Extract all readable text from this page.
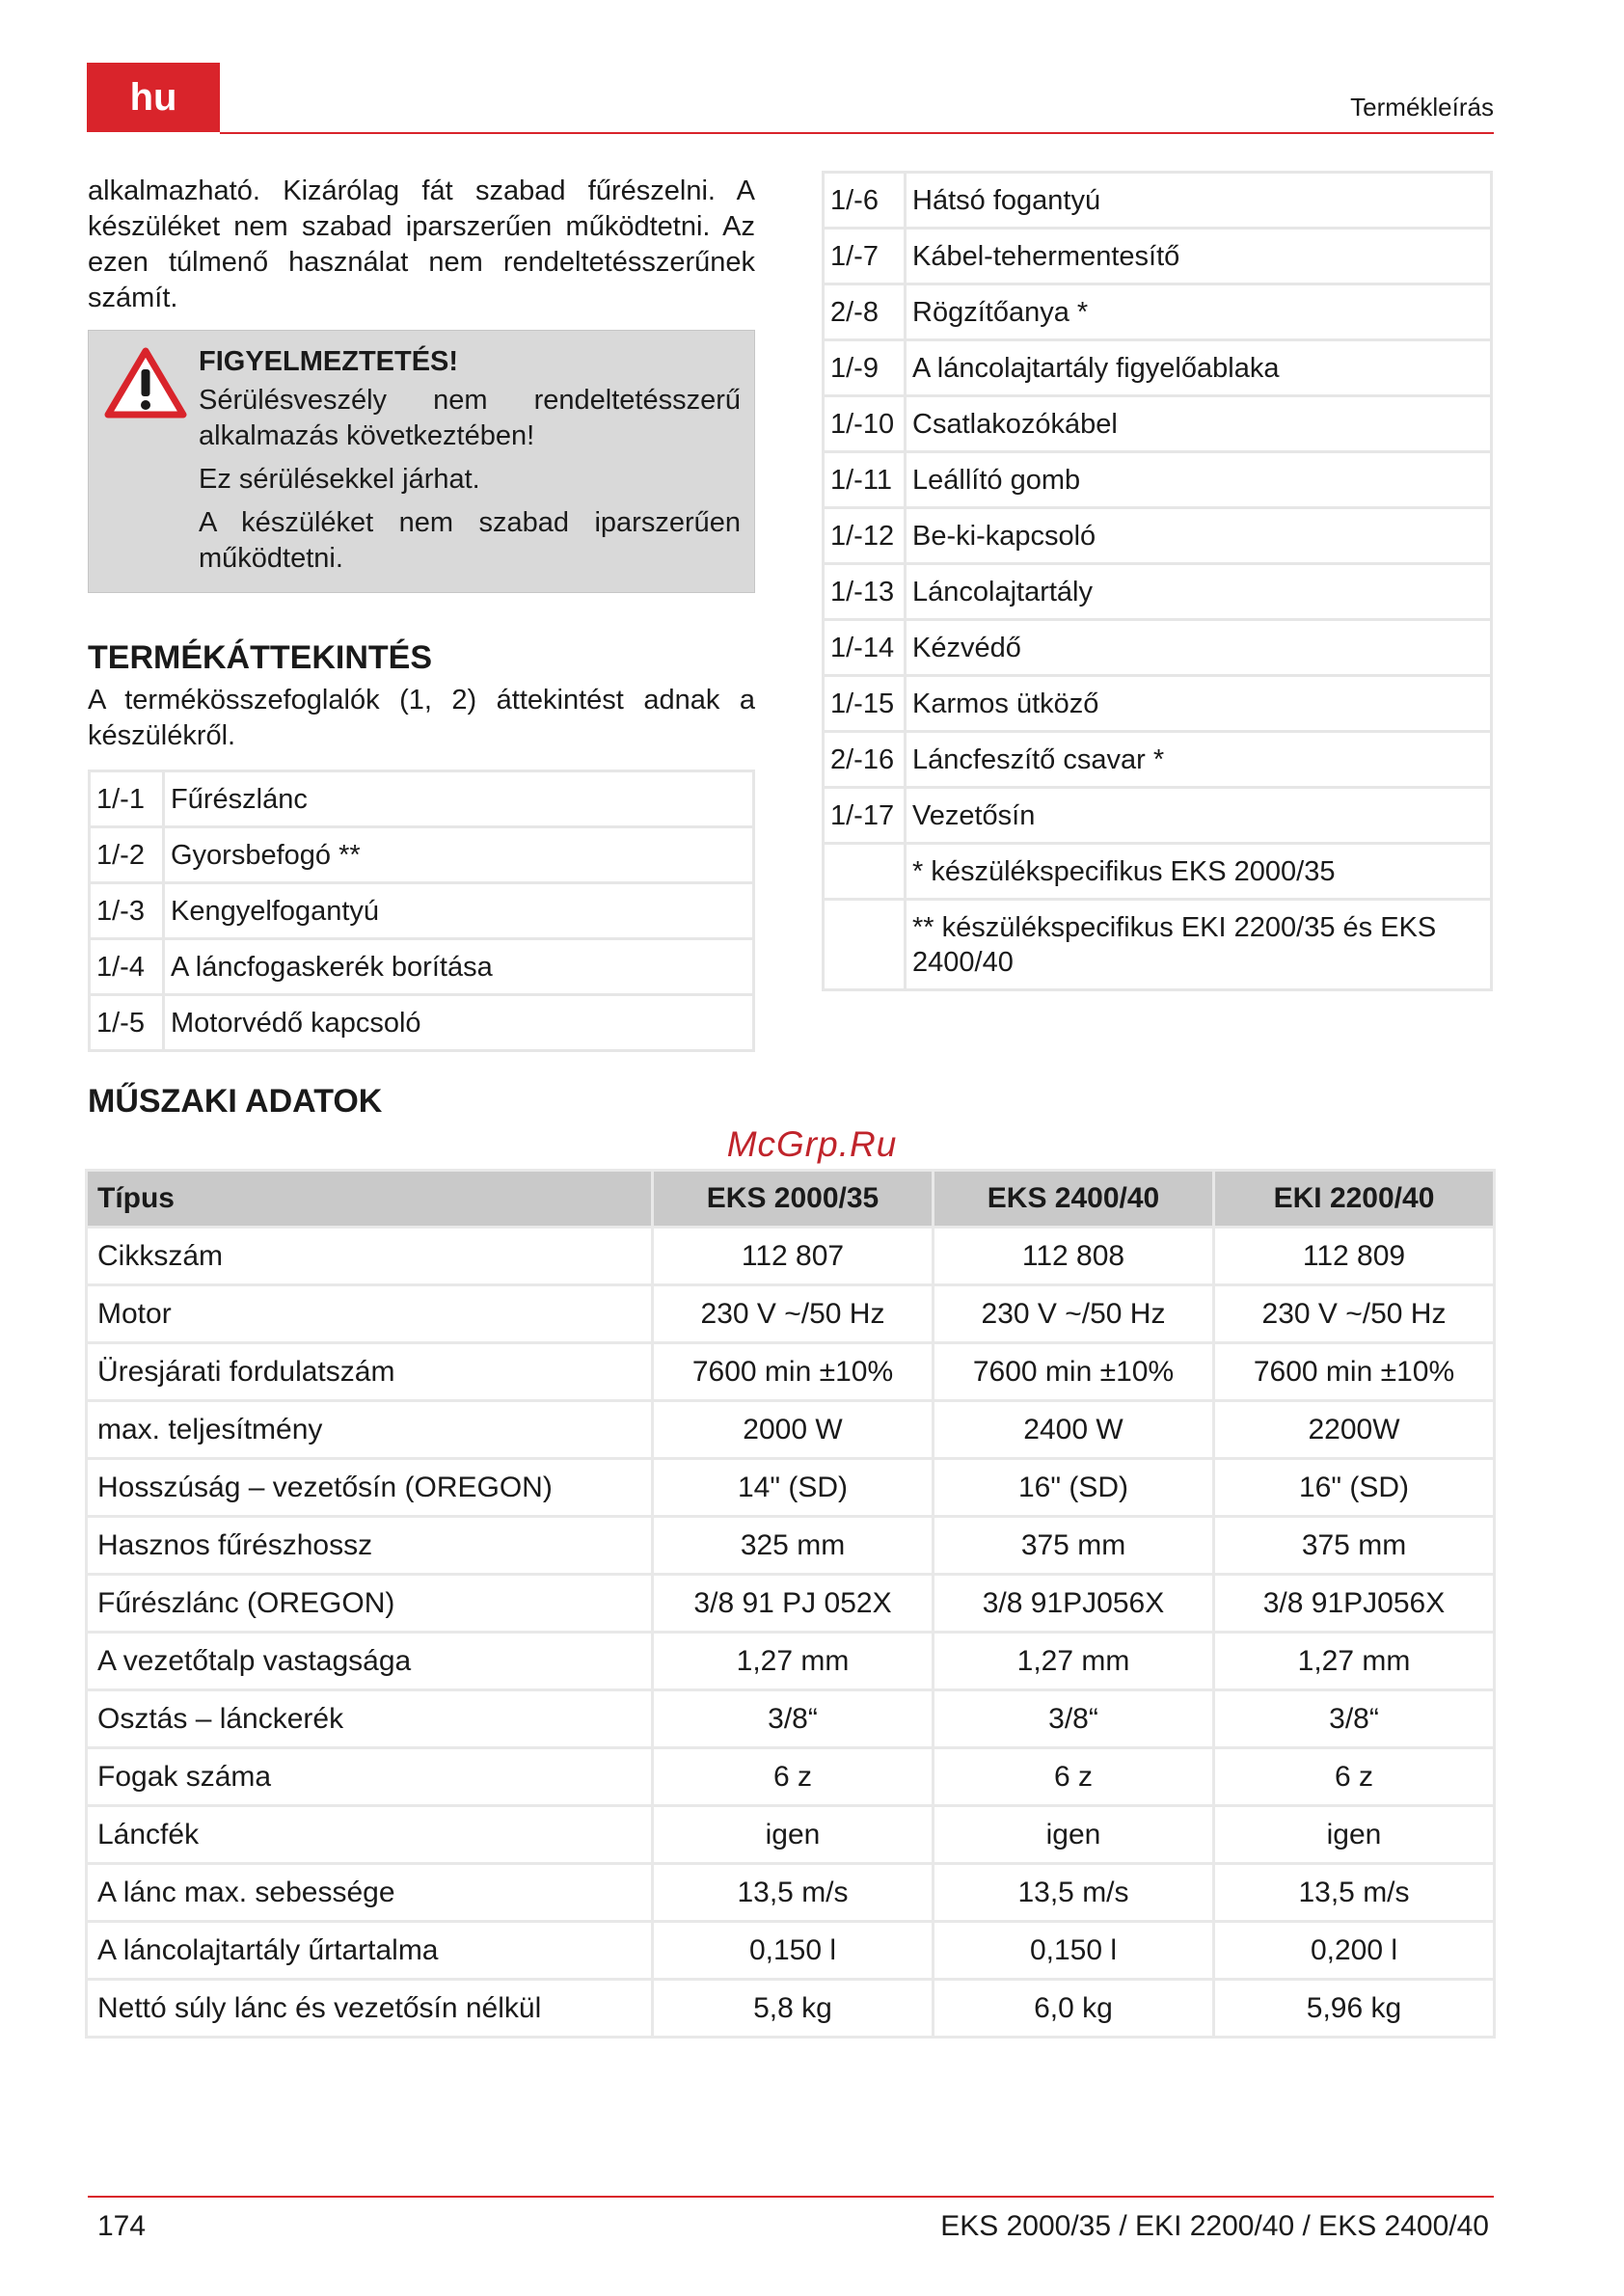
hu	Termékleírás

alkalmazható. Kizárólag fát szabad fűrészelni. A készüléket nem szabad iparszerűen működtetni. Az ezen túlmenő használat nem rendeltetésszerűnek számít.

FIGYELMEZTETÉS!

Sérülésveszély nem rendeltetésszerű alkalmazás következtében!

Ez sérülésekkel járhat.

A készüléket nem szabad iparszerűen működtetni.

TERMÉKÁTTEKINTÉS

A termékösszefoglalók (1, 2) áttekintést adnak a készülékről.

1/-1	Fűrészlánc
1/-2	Gyorsbefogó **
1/-3	Kengyelfogantyú
1/-4	A láncfogaskerék borítása
1/-5	Motorvédő kapcsoló
1/-6	Hátsó fogantyú
1/-7	Kábel-tehermentesítő
2/-8	Rögzítőanya *
1/-9	A láncolajtartály figyelőablaka
1/-10	Csatlakozókábel
1/-11	Leállító gomb
1/-12	Be-ki-kapcsoló
1/-13	Láncolajtartály
1/-14	Kézvédő
1/-15	Karmos ütköző
2/-16	Láncfeszítő csavar *
1/-17	Vezetősín
	* készülékspecifikus EKS 2000/35
	** készülékspecifikus EKI 2200/35 és EKS 2400/40
MŰSZAKI ADATOK
McGrp.Ru
Típus	EKS 2000/35	EKS 2400/40	EKI 2200/40
Cikkszám	112 807	112 808	112 809
Motor	230 V ~/50 Hz	230 V ~/50 Hz	230 V ~/50 Hz
Üresjárati fordulatszám	7600 min ±10%	7600 min ±10%	7600 min ±10%
max. teljesítmény	2000 W	2400 W	2200W
Hosszúság – vezetősín (OREGON)	14" (SD)	16" (SD)	16" (SD)
Hasznos fűrészhossz	325 mm	375 mm	375 mm
Fűrészlánc (OREGON)	3/8 91 PJ 052X	3/8 91PJ056X	3/8 91PJ056X
A vezetőtalp vastagsága	1,27 mm	1,27 mm	1,27 mm
Osztás – lánckerék	3/8“	3/8“	3/8“
Fogak száma	6 z	6 z	6 z
Láncfék	igen	igen	igen
A lánc max. sebessége	13,5 m/s	13,5 m/s	13,5 m/s
A láncolajtartály űrtartalma	0,150 l	0,150 l	0,200 l
Nettó súly lánc és vezetősín nélkül	5,8 kg	6,0 kg	5,96 kg
174	EKS 2000/35 / EKI 2200/40 / EKS 2400/40
